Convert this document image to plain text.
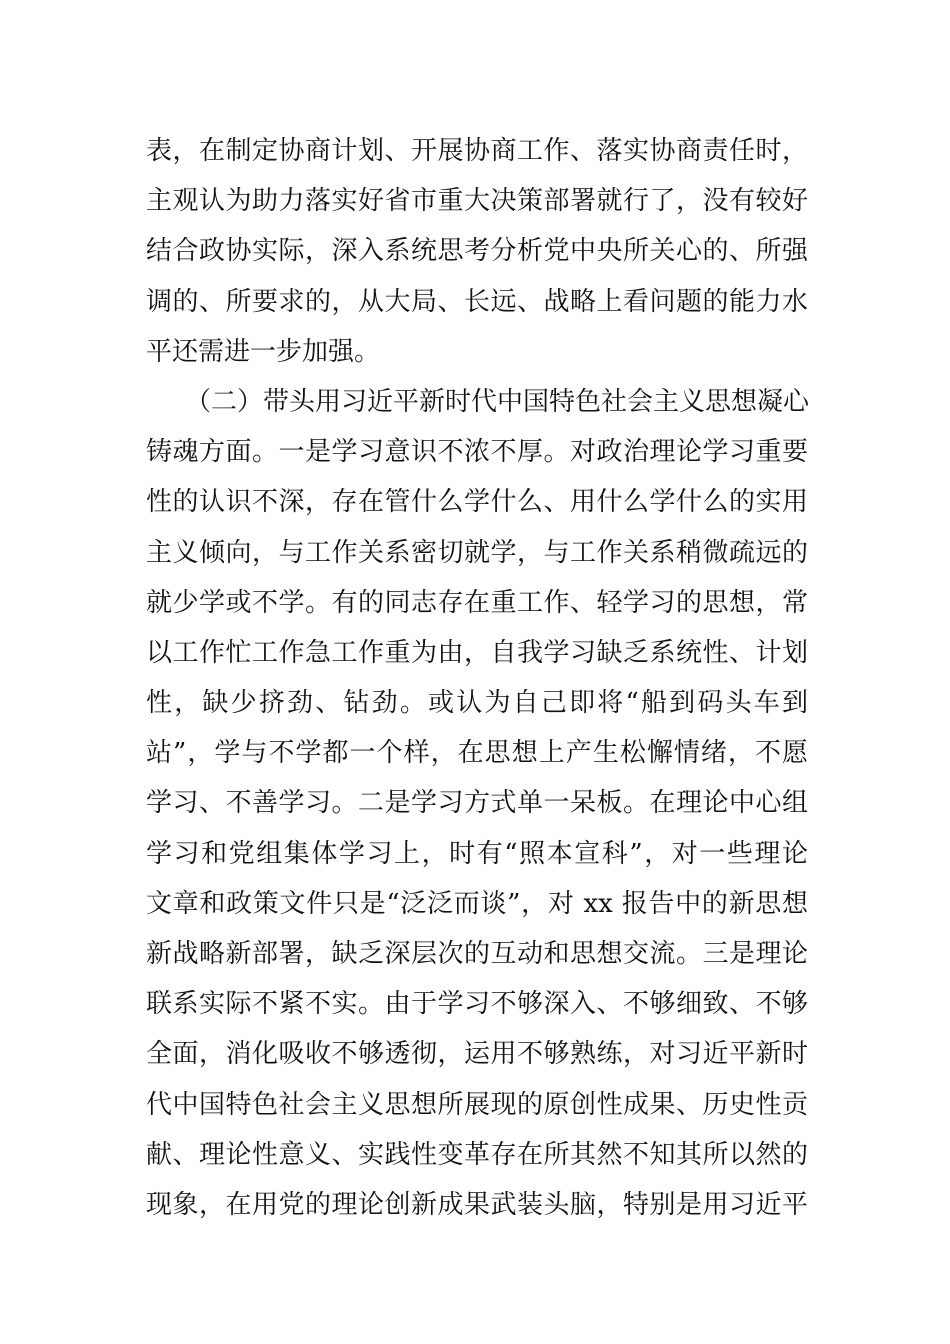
表，在制定协商计划、开展协商工作、落实协商责任时，
主观认为助力落实好省市重大决策部署就行了，没有较好
结合政协实际，深入系统思考分析党中央所关心的、所强
调的、所要求的，从大局、长远、战略上看问题的能力水
平还需进一步加强。
　　（二）带头用习近平新时代中国特色社会主义思想凝心
铸魂方面。一是学习意识不浓不厚。对政治理论学习重要
性的认识不深，存在管什么学什么、用什么学什么的实用
主义倾向，与工作关系密切就学，与工作关系稍微疏远的
就少学或不学。有的同志存在重工作、轻学习的思想，常
以工作忙工作急工作重为由，自我学习缺乏系统性、计划
性，缺少挤劲、钻劲。或认为自己即将“船到码头车到
站”，学与不学都一个样，在思想上产生松懈情绪，不愿
学习、不善学习。二是学习方式单一呆板。在理论中心组
学习和党组集体学习上，时有“照本宣科”，对一些理论
文章和政策文件只是“泛泛而谈”，对 xx 报告中的新思想
新战略新部署，缺乏深层次的互动和思想交流。三是理论
联系实际不紧不实。由于学习不够深入、不够细致、不够
全面，消化吸收不够透彻，运用不够熟练，对习近平新时
代中国特色社会主义思想所展现的原创性成果、历史性贡
献、理论性意义、实践性变革存在所其然不知其所以然的
现象，在用党的理论创新成果武装头脑，特别是用习近平
